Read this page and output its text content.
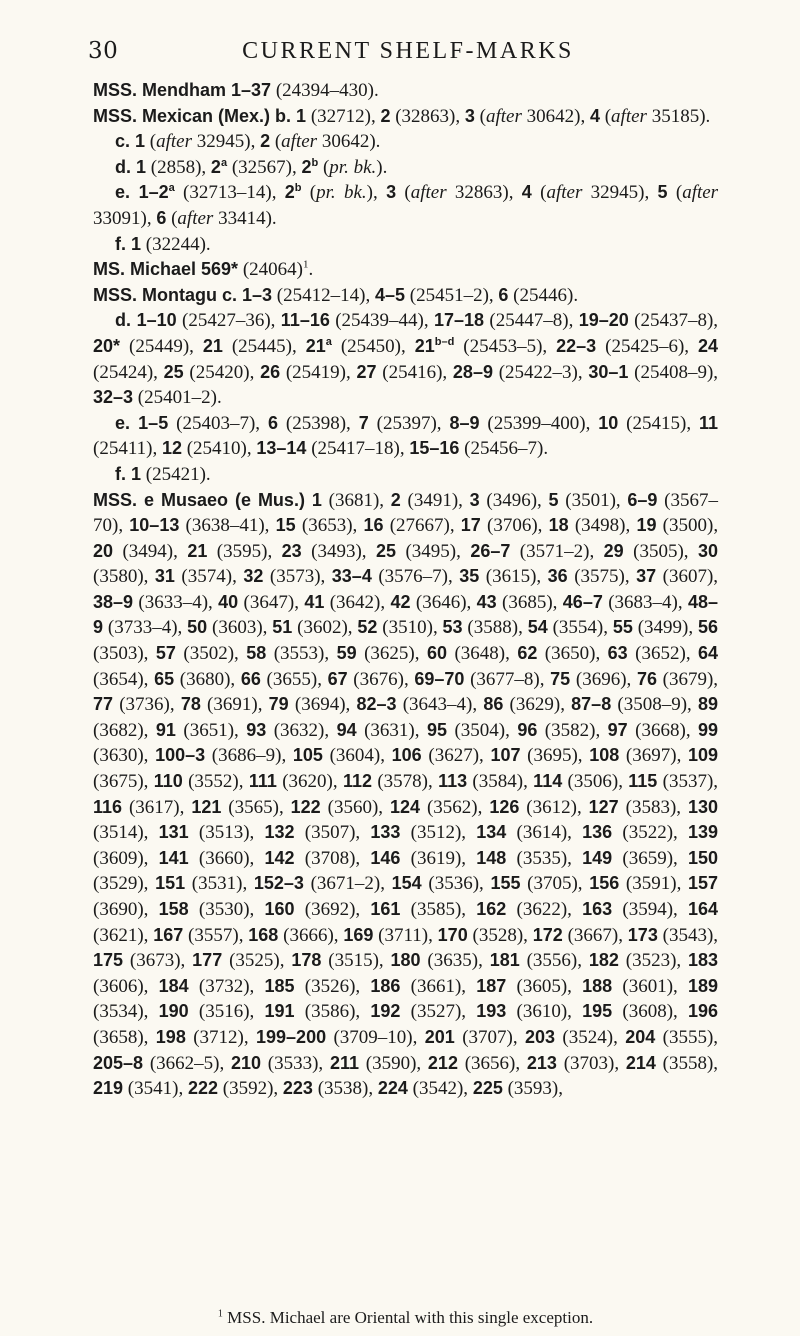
30	CURRENT SHELF-MARKS

MSS. Mendham 1–37 (24394–430).

MSS. Mexican (Mex.) b. 1 (32712), 2 (32863), 3 (after 30642), 4 (after 35185).

c. 1 (after 32945), 2 (after 30642).

d. 1 (2858), 2$^a$ (32567), 2$^b$ (pr. bk.).

e. 1–2$^a$ (32713–14), 2$^b$ (pr. bk.), 3 (after 32863), 4 (after 32945), 5 (after 33091), 6 (after 33414).

f. 1 (32244).

MS. Michael 569* $(24064)^1$.

MSS. Montagu c. 1–3 (25412–14), 4–5 (25451–2), 6 (25446).

d. 1–10 (25427–36), 11–16 (25439–44), 17–18 (25447–8), 19–20 (25437–8), 20* (25449), 21 (25445), 21$^a$ (25450), 21$^{b-d}$ (25453–5), 22–3 (25425–6), 24 (25424), 25 (25420), 26 (25419), 27 (25416), 28–9 (25422–3), 30–1 (25408–9), 32–3 (25401–2).

e. 1–5 (25403–7), 6 (25398), 7 (25397), 8–9 (25399–400), 10 (25415), 11 (25411), 12 (25410), 13–14 (25417–18), 15–16 (25456–7).

f. 1 (25421).

MSS. e Musaeo (e Mus.) 1 (3681), 2 (3491), 3 (3496), 5 (3501), 6–9 (3567–70), 10–13 (3638–41), 15 (3653), 16 (27667), 17 (3706), 18 (3498), 19 (3500), 20 (3494), 21 (3595), 23 (3493), 25 (3495), 26–7 (3571–2), 29 (3505), 30 (3580), 31 (3574), 32 (3573), 33–4 (3576–7), 35 (3615), 36 (3575), 37 (3607), 38–9 (3633–4), 40 (3647), 41 (3642), 42 (3646), 43 (3685), 46–7 (3683–4), 48–9 (3733–4), 50 (3603), 51 (3602), 52 (3510), 53 (3588), 54 (3554), 55 (3499), 56 (3503), 57 (3502), 58 (3553), 59 (3625), 60 (3648), 62 (3650), 63 (3652), 64 (3654), 65 (3680), 66 (3655), 67 (3676), 69–70 (3677–8), 75 (3696), 76 (3679), 77 (3736), 78 (3691), 79 (3694), 82–3 (3643–4), 86 (3629), 87–8 (3508–9), 89 (3682), 91 (3651), 93 (3632), 94 (3631), 95 (3504), 96 (3582), 97 (3668), 99 (3630), 100–3 (3686–9), 105 (3604), 106 (3627), 107 (3695), 108 (3697), 109 (3675), 110 (3552), 111 (3620), 112 (3578), 113 (3584), 114 (3506), 115 (3537), 116 (3617), 121 (3565), 122 (3560), 124 (3562), 126 (3612), 127 (3583), 130 (3514), 131 (3513), 132 (3507), 133 (3512), 134 (3614), 136 (3522), 139 (3609), 141 (3660), 142 (3708), 146 (3619), 148 (3535), 149 (3659), 150 (3529), 151 (3531), 152–3 (3671–2), 154 (3536), 155 (3705), 156 (3591), 157 (3690), 158 (3530), 160 (3692), 161 (3585), 162 (3622), 163 (3594), 164 (3621), 167 (3557), 168 (3666), 169 (3711), 170 (3528), 172 (3667), 173 (3543), 175 (3673), 177 (3525), 178 (3515), 180 (3635), 181 (3556), 182 (3523), 183 (3606), 184 (3732), 185 (3526), 186 (3661), 187 (3605), 188 (3601), 189 (3534), 190 (3516), 191 (3586), 192 (3527), 193 (3610), 195 (3608), 196 (3658), 198 (3712), 199–200 (3709–10), 201 (3707), 203 (3524), 204 (3555), 205–8 (3662–5), 210 (3533), 211 (3590), 212 (3656), 213 (3703), 214 (3558), 219 (3541), 222 (3592), 223 (3538), 224 (3542), 225 (3593),

$^1$ MSS. Michael are Oriental with this single exception.
